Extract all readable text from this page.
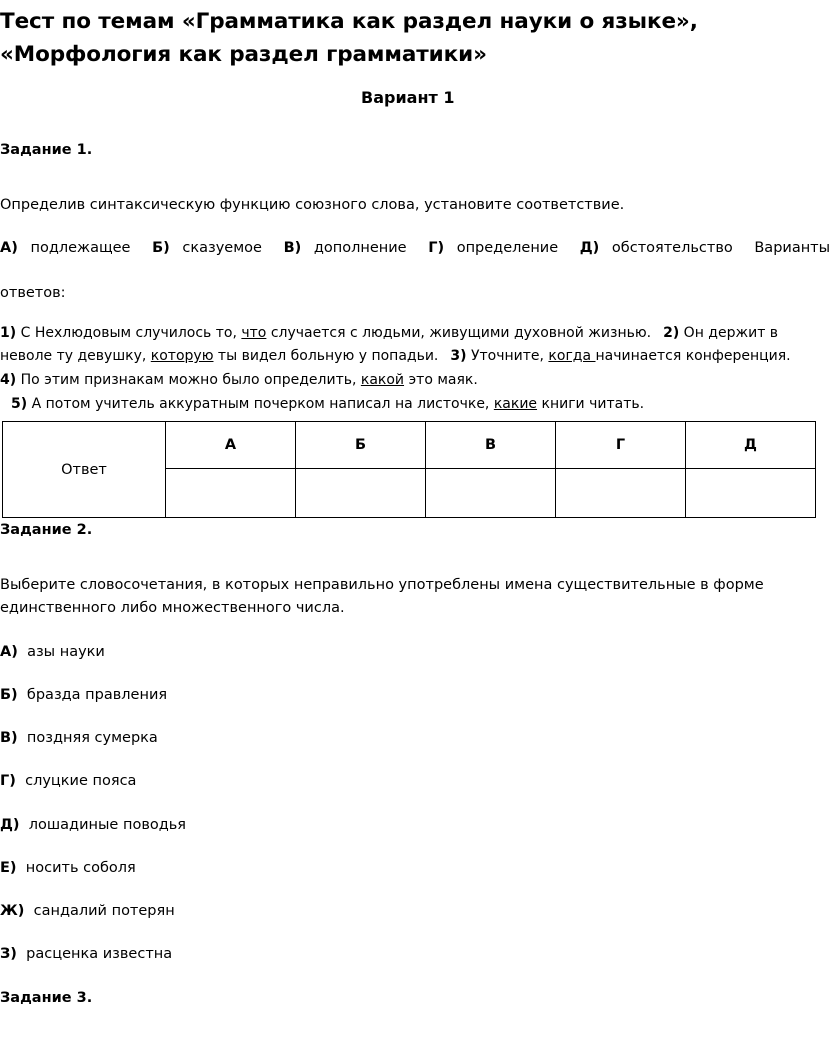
Тест по темам «Грамматика как раздел науки о языке»,
«Морфология как раздел грамматики»
Вариант 1
Задание 1.
Определив синтаксическую функцию союзного слова, установите соответствие.
А) подлежащее Б) сказуемое В) дополнение Г) определение Д) обстоятельство Варианты
ответов:
1) С Нехлюдовым случилось то, что случается с людьми, живущими духовной жизнью. 2) Он держит в
неволе ту девушку, которую ты видел больную у попадьи. 3) Уточните, когда начинается конференция.
4) По этим признакам можно было определить, какой это маяк.
5) А потом учитель аккуратным почерком написал на листочке, какие книги читать.
Ответ	А	Б	В	Г	Д

Задание 2.
Выберите словосочетания, в которых неправильно употреблены имена существительные в форме
единственного либо множественного числа.
А) азы науки
Б) бразда правления
В) поздняя сумерка
Г) слуцкие пояса
Д) лошадиные поводья
Е) носить соболя
Ж) сандалий потерян
З) расценка известна
Задание 3.
